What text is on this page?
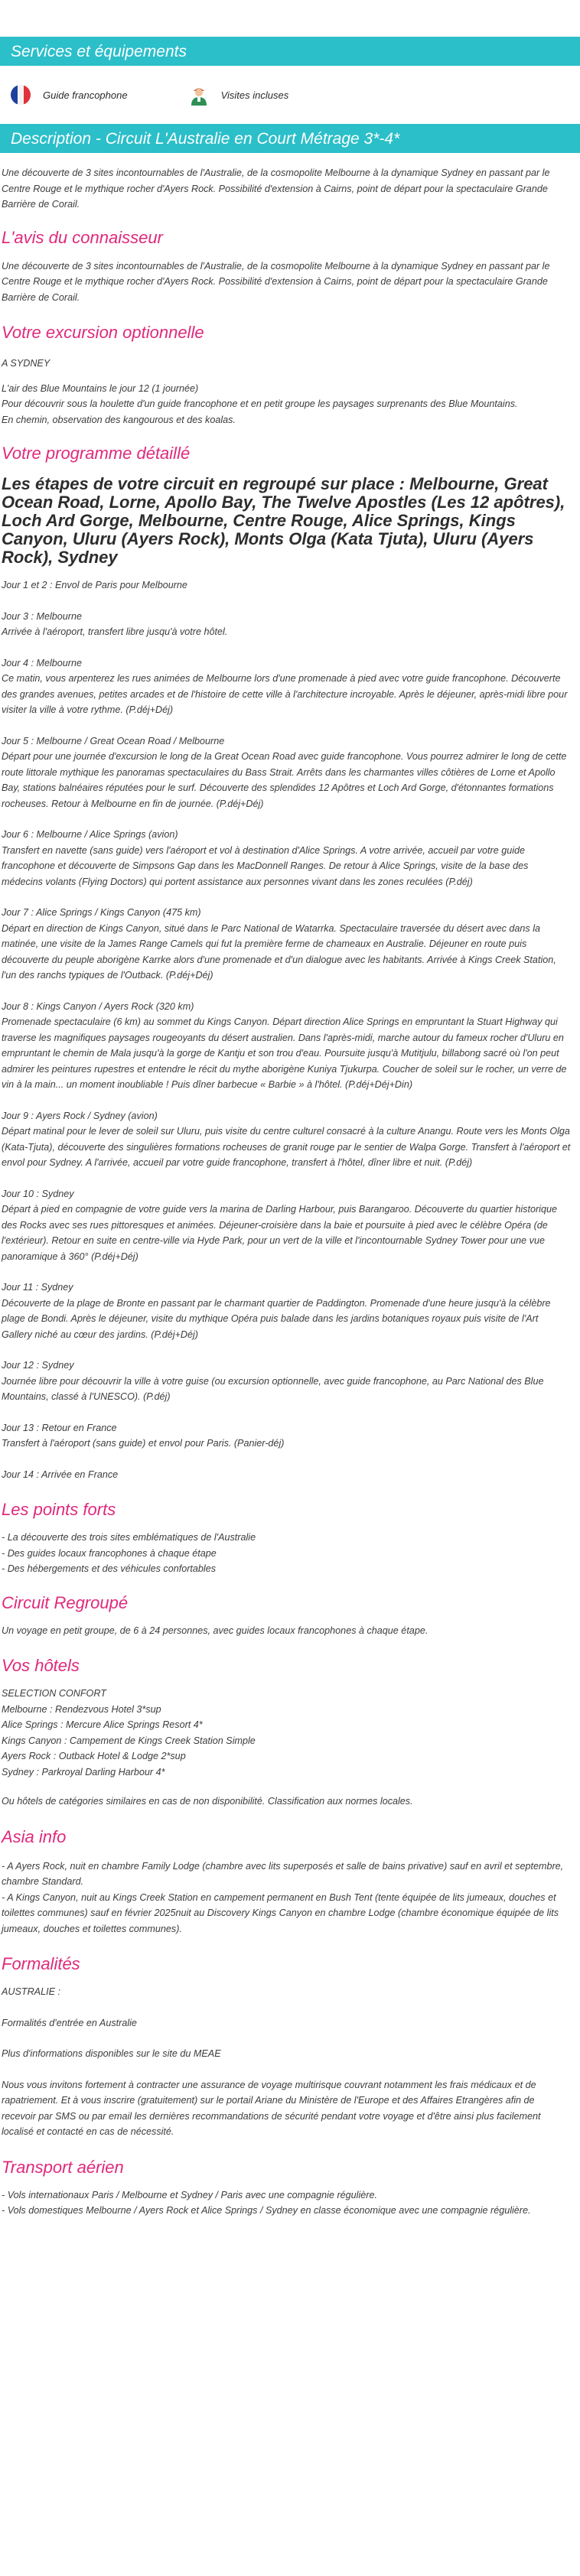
Services et équipements
Guide francophone	Visites incluses
Description - Circuit L'Australie en Court Métrage 3*-4*

Une découverte de 3 sites incontournables de l'Australie, de la cosmopolite Melbourne à la dynamique Sydney en passant par le Centre Rouge et le mythique rocher d'Ayers Rock. Possibilité d'extension à Cairns, point de départ pour la spectaculaire Grande Barrière de Corail.

L'avis du connaisseur

Une découverte de 3 sites incontournables de l'Australie, de la cosmopolite Melbourne à la dynamique Sydney en passant par le Centre Rouge et le mythique rocher d'Ayers Rock. Possibilité d'extension à Cairns, point de départ pour la spectaculaire Grande Barrière de Corail.

Votre excursion optionnelle

A SYDNEY

L'air des Blue Mountains le jour 12 (1 journée)

Pour découvrir sous la houlette d'un guide francophone et en petit groupe les paysages surprenants des Blue Mountains.

En chemin, observation des kangourous et des koalas.

Votre programme détaillé
Les étapes de votre circuit en regroupé sur place : Melbourne, Great Ocean Road, Lorne, Apollo Bay, The Twelve Apostles (Les 12 apôtres), Loch Ard Gorge, Melbourne, Centre Rouge, Alice Springs, Kings Canyon, Uluru (Ayers Rock), Monts Olga (Kata Tjuta), Uluru (Ayers Rock), Sydney

Jour 1 et 2 : Envol de Paris pour Melbourne

Jour 3 : Melbourne

Arrivée à l'aéroport, transfert libre jusqu'à votre hôtel.

Jour 4 : Melbourne

Ce matin, vous arpenterez les rues animées de Melbourne lors d'une promenade à pied avec votre guide francophone. Découverte des grandes avenues, petites arcades et de l'histoire de cette ville à l'architecture incroyable. Après le déjeuner, après-midi libre pour visiter la ville à votre rythme. (P.déj+Déj)

Jour 5 : Melbourne / Great Ocean Road / Melbourne

Départ pour une journée d'excursion le long de la Great Ocean Road avec guide francophone. Vous pourrez admirer le long de cette route littorale mythique les panoramas spectaculaires du Bass Strait. Arrêts dans les charmantes villes côtières de Lorne et Apollo Bay, stations balnéaires réputées pour le surf. Découverte des splendides 12 Apôtres et Loch Ard Gorge, d'étonnantes formations rocheuses. Retour à Melbourne en fin de journée. (P.déj+Déj)

Jour 6 : Melbourne / Alice Springs (avion)

Transfert en navette (sans guide) vers l'aéroport et vol à destination d'Alice Springs. A votre arrivée, accueil par votre guide francophone et découverte de Simpsons Gap dans les MacDonnell Ranges. De retour à Alice Springs, visite de la base des médecins volants (Flying Doctors) qui portent assistance aux personnes vivant dans les zones reculées (P.déj)

Jour 7 : Alice Springs / Kings Canyon (475 km)

Départ en direction de Kings Canyon, situé dans le Parc National de Watarrka. Spectaculaire traversée du désert avec dans la matinée, une visite de la James Range Camels qui fut la première ferme de chameaux en Australie. Déjeuner en route puis découverte du peuple aborigène Karrke alors d'une promenade et d'un dialogue avec les habitants. Arrivée à Kings Creek Station, l'un des ranchs typiques de l'Outback. (P.déj+Déj)

Jour 8 : Kings Canyon / Ayers Rock (320 km)

Promenade spectaculaire (6 km) au sommet du Kings Canyon. Départ direction Alice Springs en empruntant la Stuart Highway qui traverse les magnifiques paysages rougeoyants du désert australien. Dans l'après-midi, marche autour du fameux rocher d'Uluru en empruntant le chemin de Mala jusqu'à la gorge de Kantju et son trou d'eau. Poursuite jusqu'à Mutitjulu, billabong sacré où l'on peut admirer les peintures rupestres et entendre le récit du mythe aborigène Kuniya Tjukurpa. Coucher de soleil sur le rocher, un verre de vin à la main... un moment inoubliable ! Puis dîner barbecue « Barbie » à l'hôtel. (P.déj+Déj+Din)

Jour 9 : Ayers Rock / Sydney (avion)

Départ matinal pour le lever de soleil sur Uluru, puis visite du centre culturel consacré à la culture Anangu. Route vers les Monts Olga (Kata-Tjuta), découverte des singulières formations rocheuses de granit rouge par le sentier de Walpa Gorge. Transfert à l'aéroport et envol pour Sydney. A l'arrivée, accueil par votre guide francophone, transfert à l'hôtel, dîner libre et nuit. (P.déj)

Jour 10 : Sydney

Départ à pied en compagnie de votre guide vers la marina de Darling Harbour, puis Barangaroo. Découverte du quartier historique des Rocks avec ses rues pittoresques et animées. Déjeuner-croisière dans la baie et poursuite à pied avec le célèbre Opéra (de l'extérieur). Retour en suite en centre-ville via Hyde Park, pour un vert de la ville et l'incontournable Sydney Tower pour une vue panoramique à 360° (P.déj+Déj)

Jour 11 : Sydney

Découverte de la plage de Bronte en passant par le charmant quartier de Paddington. Promenade d'une heure jusqu'à la célèbre plage de Bondi. Après le déjeuner, visite du mythique Opéra puis balade dans les jardins botaniques royaux puis visite de l'Art Gallery niché au cœur des jardins. (P.déj+Déj)

Jour 12 : Sydney

Journée libre pour découvrir la ville à votre guise (ou excursion optionnelle, avec guide francophone, au Parc National des Blue Mountains, classé à l'UNESCO). (P.déj)

Jour 13 : Retour en France

Transfert à l'aéroport (sans guide) et envol pour Paris. (Panier-déj)

Jour 14 : Arrivée en France

Les points forts

- La découverte des trois sites emblématiques de l'Australie

- Des guides locaux francophones à chaque étape

- Des hébergements et des véhicules confortables

Circuit Regroupé

Un voyage en petit groupe, de 6 à 24 personnes, avec guides locaux francophones à chaque étape.

Vos hôtels

SELECTION CONFORT

Melbourne : Rendezvous Hotel 3*sup

Alice Springs : Mercure Alice Springs Resort 4*

Kings Canyon : Campement de Kings Creek Station Simple

Ayers Rock : Outback Hotel & Lodge 2*sup

Sydney : Parkroyal Darling Harbour 4*

Ou hôtels de catégories similaires en cas de non disponibilité. Classification aux normes locales.

Asia info

- A Ayers Rock, nuit en chambre Family Lodge (chambre avec lits superposés et salle de bains privative) sauf en avril et septembre, chambre Standard.

- A Kings Canyon, nuit au Kings Creek Station en campement permanent en Bush Tent (tente équipée de lits jumeaux, douches et toilettes communes) sauf en février 2025nuit au Discovery Kings Canyon en chambre Lodge (chambre économique équipée de lits jumeaux, douches et toilettes communes).

Formalités

AUSTRALIE :

Formalités d'entrée en Australie

Plus d'informations disponibles sur le site du MEAE

Nous vous invitons fortement à contracter une assurance de voyage multirisque couvrant notamment les frais médicaux et de rapatriement. Et à vous inscrire (gratuitement) sur le portail Ariane du Ministère de l'Europe et des Affaires Etrangères afin de recevoir par SMS ou par email les dernières recommandations de sécurité pendant votre voyage et d'être ainsi plus facilement localisé et contacté en cas de nécessité.

Transport aérien

- Vols internationaux Paris / Melbourne et Sydney / Paris avec une compagnie régulière.

- Vols domestiques Melbourne / Ayers Rock et Alice Springs / Sydney en classe économique avec une compagnie régulière.
